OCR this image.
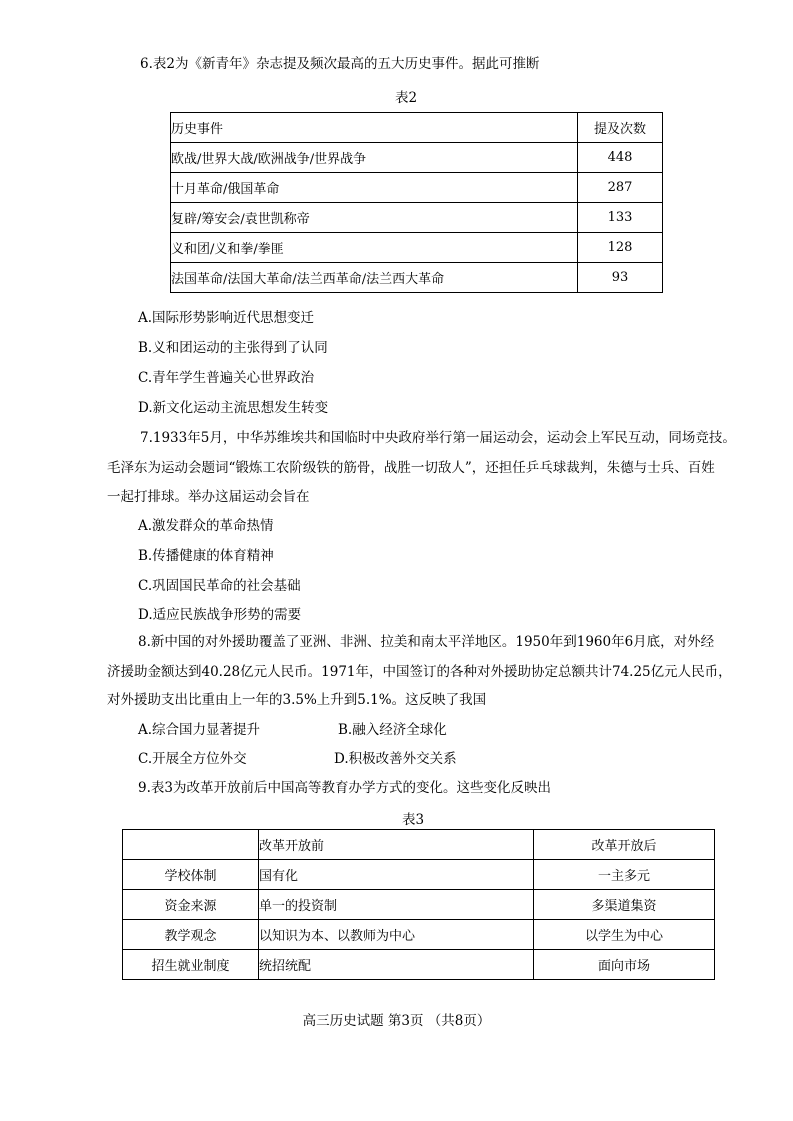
6.表2为《新青年》杂志提及频次最高的五大历史事件。据此可推断
表2
历史事件	提及次数
欧战/世界大战/欧洲战争/世界战争	448
十月革命/俄国革命	287
复辟/筹安会/袁世凯称帝	133
义和团/义和拳/拳匪	128
法国革命/法国大革命/法兰西革命/法兰西大革命	93
A.国际形势影响近代思想变迁
B.义和团运动的主张得到了认同
C.青年学生普遍关心世界政治
D.新文化运动主流思想发生转变
7.1933年5月，中华苏维埃共和国临时中央政府举行第一届运动会，运动会上军民互动，同场竞技。
毛泽东为运动会题词“锻炼工农阶级铁的筋骨，战胜一切敌人”，还担任乒乓球裁判，朱德与士兵、百姓
一起打排球。举办这届运动会旨在
A.激发群众的革命热情
B.传播健康的体育精神
C.巩固国民革命的社会基础
D.适应民族战争形势的需要
8.新中国的对外援助覆盖了亚洲、非洲、拉美和南太平洋地区。1950年到1960年6月底，对外经
济援助金额达到40.28亿元人民币。1971年，中国签订的各种对外援助协定总额共计74.25亿元人民币，
对外援助支出比重由上一年的3.5%上升到5.1%。这反映了我国
A.综合国力显著提升	B.融入经济全球化
C.开展全方位外交	D.积极改善外交关系
9.表3为改革开放前后中国高等教育办学方式的变化。这些变化反映出
表3
	改革开放前	改革开放后
学校体制	国有化	一主多元
资金来源	单一的投资制	多渠道集资
教学观念	以知识为本、以教师为中心	以学生为中心
招生就业制度	统招统配	面向市场
高三历史试题 第3页 （共8页）
